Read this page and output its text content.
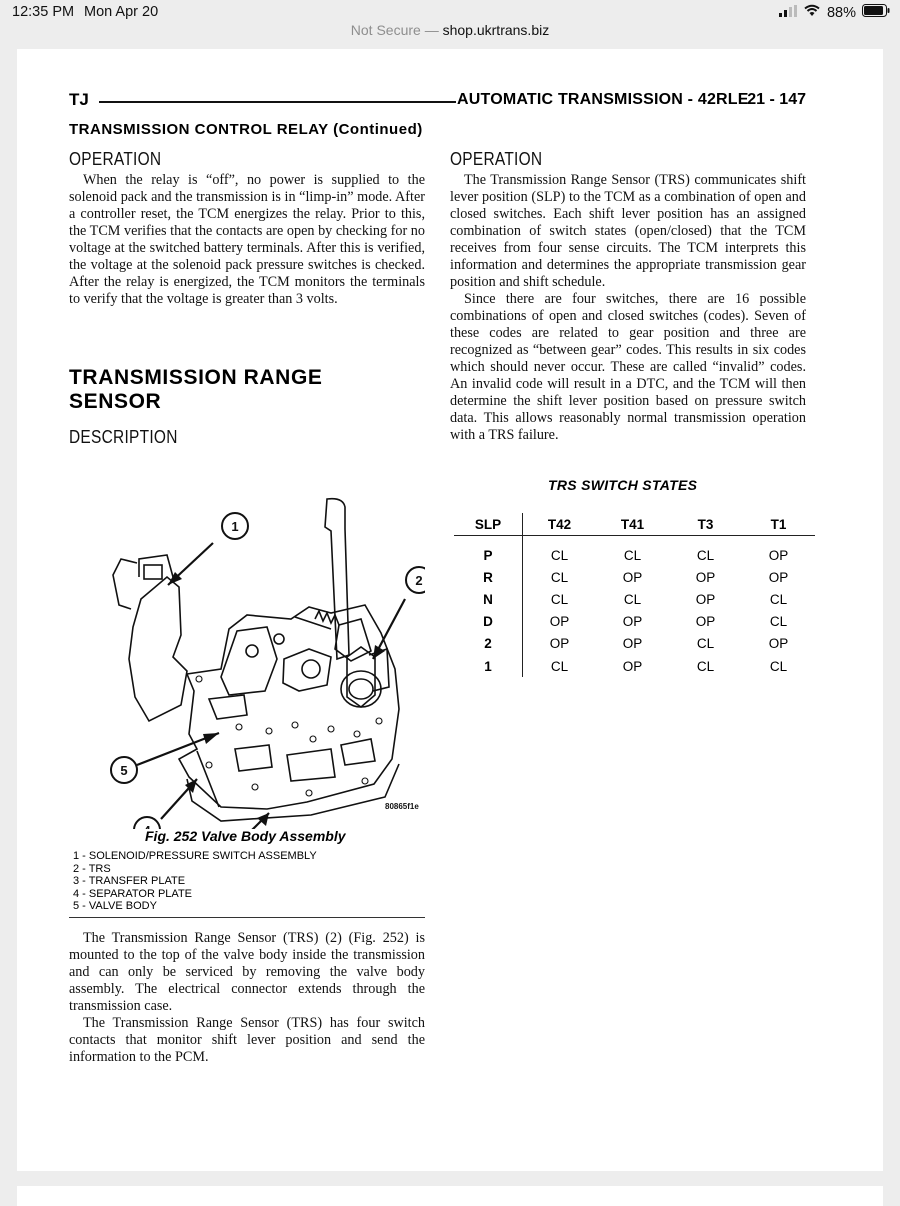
12:35 PM Mon Apr 20	88%
Not Secure — shop.ukrtrans.biz
TJ	AUTOMATIC TRANSMISSION - 42RLE
21 - 147
TRANSMISSION CONTROL RELAY (Continued)
OPERATION

When the relay is “off”, no power is supplied to the solenoid pack and the transmission is in “limp-in” mode. After a controller reset, the TCM energizes the relay. Prior to this, the TCM verifies that the contacts are open by checking for no voltage at the switched battery terminals. After this is verified, the voltage at the solenoid pack pressure switches is checked. After the relay is energized, the TCM monitors the terminals to verify that the voltage is greater than 3 volts.

TRANSMISSION RANGE SENSOR
DESCRIPTION
1
2
5
80865f1e
Fig. 252 Valve Body Assembly
1 - SOLENOID/PRESSURE SWITCH ASSEMBLY
2 - TRS
3 - TRANSFER PLATE
4 - SEPARATOR PLATE
5 - VALVE BODY

The Transmission Range Sensor (TRS) (2) (Fig. 252) is mounted to the top of the valve body inside the transmission and can only be serviced by removing the valve body assembly. The electrical connector extends through the transmission case.

The Transmission Range Sensor (TRS) has four switch contacts that monitor shift lever position and send the information to the PCM.

OPERATION

The Transmission Range Sensor (TRS) communicates shift lever position (SLP) to the TCM as a combination of open and closed switches. Each shift lever position has an assigned combination of switch states (open/closed) that the TCM receives from four sense circuits. The TCM interprets this information and determines the appropriate transmission gear position and shift schedule.

Since there are four switches, there are 16 possible combinations of open and closed switches (codes). Seven of these codes are related to gear position and three are recognized as “between gear” codes. This results in six codes which should never occur. These are called “invalid” codes. An invalid code will result in a DTC, and the TCM will then determine the shift lever position based on pressure switch data. This allows reasonably normal transmission operation with a TRS failure.

TRS SWITCH STATES
SLP	T42	T41	T3	T1
P	CL	CL	CL	OP
R	CL	OP	OP	OP
N	CL	CL	OP	CL
D	OP	OP	OP	CL
2	OP	OP	CL	OP
1	CL	OP	CL	CL
